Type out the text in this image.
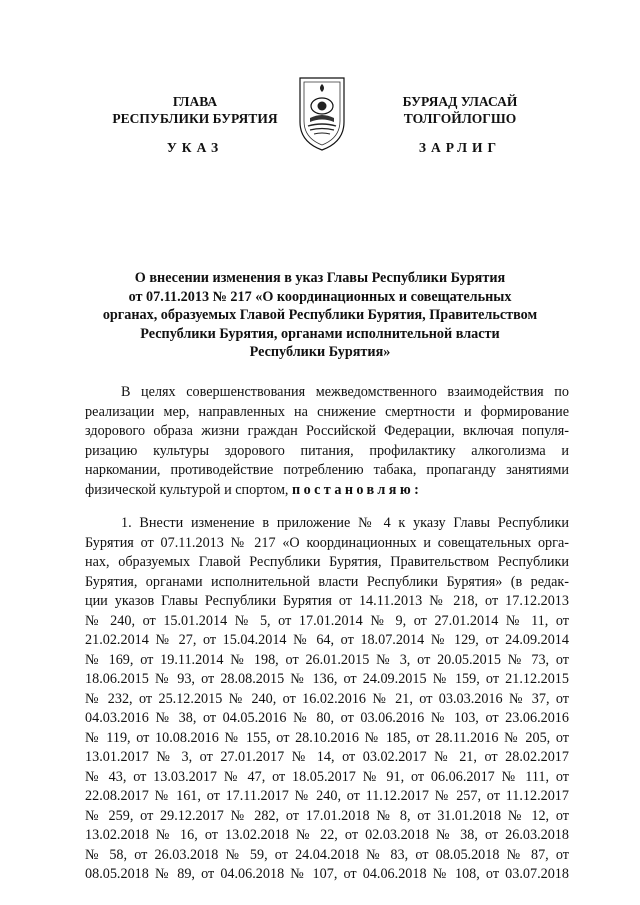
ГЛАВА
РЕСПУБЛИКИ БУРЯТИЯ
УКАЗ
БУРЯАД УЛАСАЙ
ТОЛГОЙЛОГШО
ЗАРЛИГ
О внесении изменения в указ Главы Республики Бурятия
от 07.11.2013 № 217 «О координационных и совещательных
органах, образуемых Главой Республики Бурятия, Правительством
Республики Бурятия, органами исполнительной власти
Республики Бурятия»
В целях совершенствования межведомственного взаимодействия по
реализации мер, направленных на снижение смертности и формирование
здорового образа жизни граждан Российской Федерации, включая популя-
ризацию культуры здорового питания, профилактику алкоголизма и
наркомании, противодействие потреблению табака, пропаганду занятиями
физической культурой и спортом, постановляю:
1. Внести изменение в приложение № 4 к указу Главы Республики
Бурятия от 07.11.2013 № 217 «О координационных и совещательных орга-
нах, образуемых Главой Республики Бурятия, Правительством Республики
Бурятия, органами исполнительной власти Республики Бурятия» (в редак-
ции указов Главы Республики Бурятия от 14.11.2013 № 218, от 17.12.2013
№ 240, от 15.01.2014 № 5, от 17.01.2014 № 9, от 27.01.2014 № 11, от
21.02.2014 № 27, от 15.04.2014 № 64, от 18.07.2014 № 129, от 24.09.2014
№ 169, от 19.11.2014 № 198, от 26.01.2015 № 3, от 20.05.2015 № 73, от
18.06.2015 № 93, от 28.08.2015 № 136, от 24.09.2015 № 159, от 21.12.2015
№ 232, от 25.12.2015 № 240, от 16.02.2016 № 21, от 03.03.2016 № 37, от
04.03.2016 № 38, от 04.05.2016 № 80, от 03.06.2016 № 103, от 23.06.2016
№ 119, от 10.08.2016 № 155, от 28.10.2016 № 185, от 28.11.2016 № 205, от
13.01.2017 № 3, от 27.01.2017 № 14, от 03.02.2017 № 21, от 28.02.2017
№ 43, от 13.03.2017 № 47, от 18.05.2017 № 91, от 06.06.2017 № 111, от
22.08.2017 № 161, от 17.11.2017 № 240, от 11.12.2017 № 257, от 11.12.2017
№ 259, от 29.12.2017 № 282, от 17.01.2018 № 8, от 31.01.2018 № 12, от
13.02.2018 № 16, от 13.02.2018 № 22, от 02.03.2018 № 38, от 26.03.2018
№ 58, от 26.03.2018 № 59, от 24.04.2018 № 83, от 08.05.2018 № 87, от
08.05.2018 № 89, от 04.06.2018 № 107, от 04.06.2018 № 108, от 03.07.2018
